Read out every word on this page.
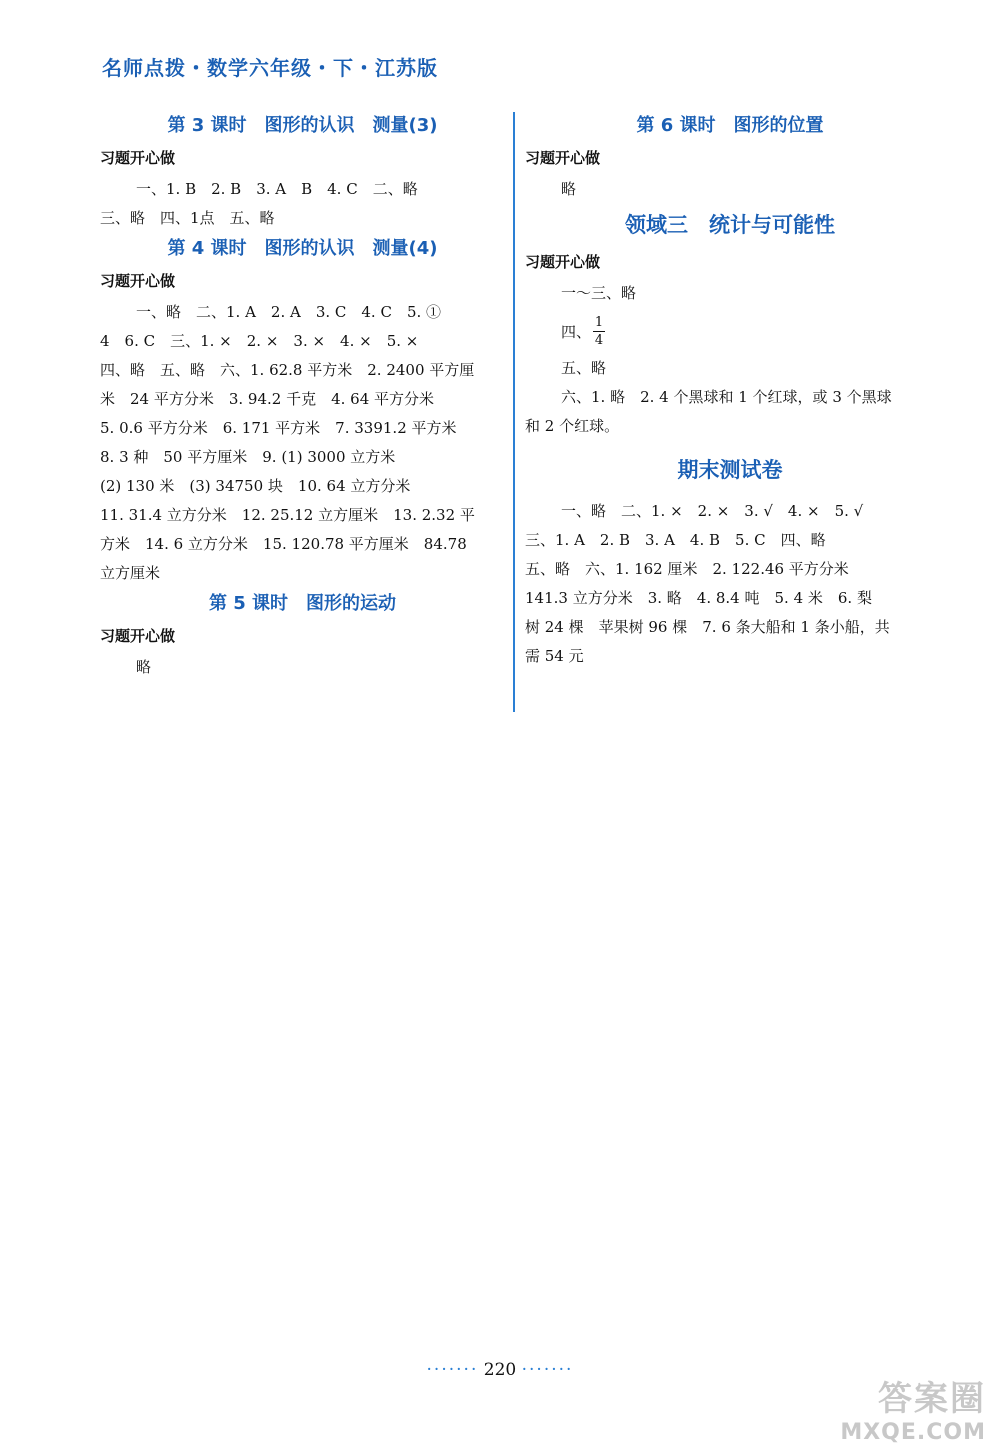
名师点拨・数学六年级・下・江苏版
第 3 课时　图形的认识　测量(3)
习题开心做
一、1. B　2. B　3. A　B　4. C　二、略
三、略　四、1点　五、略
第 4 课时　图形的认识　测量(4)
习题开心做
一、略　二、1. A　2. A　3. C　4. C　5. ①
4　6. C　三、1. ×　2. ×　3. ×　4. ×　5. ×
四、略　五、略　六、1. 62.8 平方米　2. 2400 平方厘
米　24 平方分米　3. 94.2 千克　4. 64 平方分米
5. 0.6 平方分米　6. 171 平方米　7. 3391.2 平方米
8. 3 种　50 平方厘米　9. (1) 3000 立方米
(2) 130 米　(3) 34750 块　10. 64 立方分米
11. 31.4 立方分米　12. 25.12 立方厘米　13. 2.32 平
方米　14. 6 立方分米　15. 120.78 平方厘米　84.78
立方厘米
第 5 课时　图形的运动
习题开心做
略
第 6 课时　图形的位置
习题开心做
略
领域三　统计与可能性
习题开心做
一～三、略
四、 $\frac{1}{4}$
五、略
六、1. 略　2. 4 个黑球和 1 个红球，或 3 个黑球
和 2 个红球。
期末测试卷
一、略　二、1. ×　2. ×　3. √　4. ×　5. √
三、1. A　2. B　3. A　4. B　5. C　四、略
五、略　六、1. 162 厘米　2. 122.46 平方分米
141.3 立方分米　3. 略　4. 8.4 吨　5. 4 米　6. 梨
树 24 棵　苹果树 96 棵　7. 6 条大船和 1 条小船，共
需 54 元
······· 220 ·······
答案圈
MXQE.COM
